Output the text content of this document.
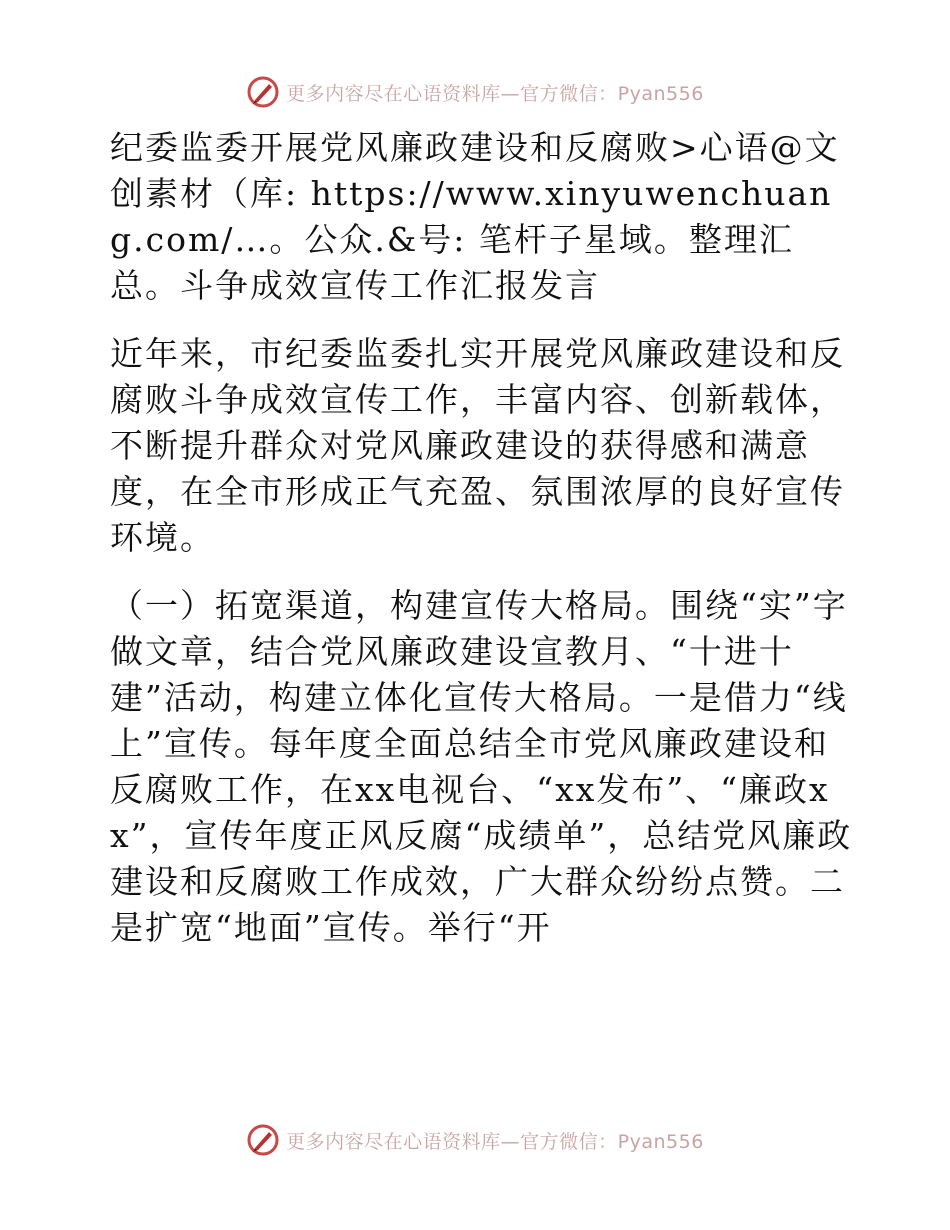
更多内容尽在心语资料库—官方微信：Pyan556

纪委监委开展党风廉政建设和反腐败>心语@文创素材（库: https://www.xinyuwenchuang.com/…。公众.&号: 笔杆子星域。整理汇总。斗争成效宣传工作汇报发言

近年来，市纪委监委扎实开展党风廉政建设和反腐败斗争成效宣传工作，丰富内容、创新载体，不断提升群众对党风廉政建设的获得感和满意度，在全市形成正气充盈、氛围浓厚的良好宣传环境。

（一）拓宽渠道，构建宣传大格局。围绕“实”字做文章，结合党风廉政建设宣教月、“十进十建”活动，构建立体化宣传大格局。一是借力“线上”宣传。每年度全面总结全市党风廉政建设和反腐败工作，在xx电视台、“xx发布”、“廉政xx”，宣传年度正风反腐“成绩单”，总结党风廉政建设和反腐败工作成效，广大群众纷纷点赞。二是扩宽“地面”宣传。举行“开

更多内容尽在心语资料库—官方微信：Pyan556
